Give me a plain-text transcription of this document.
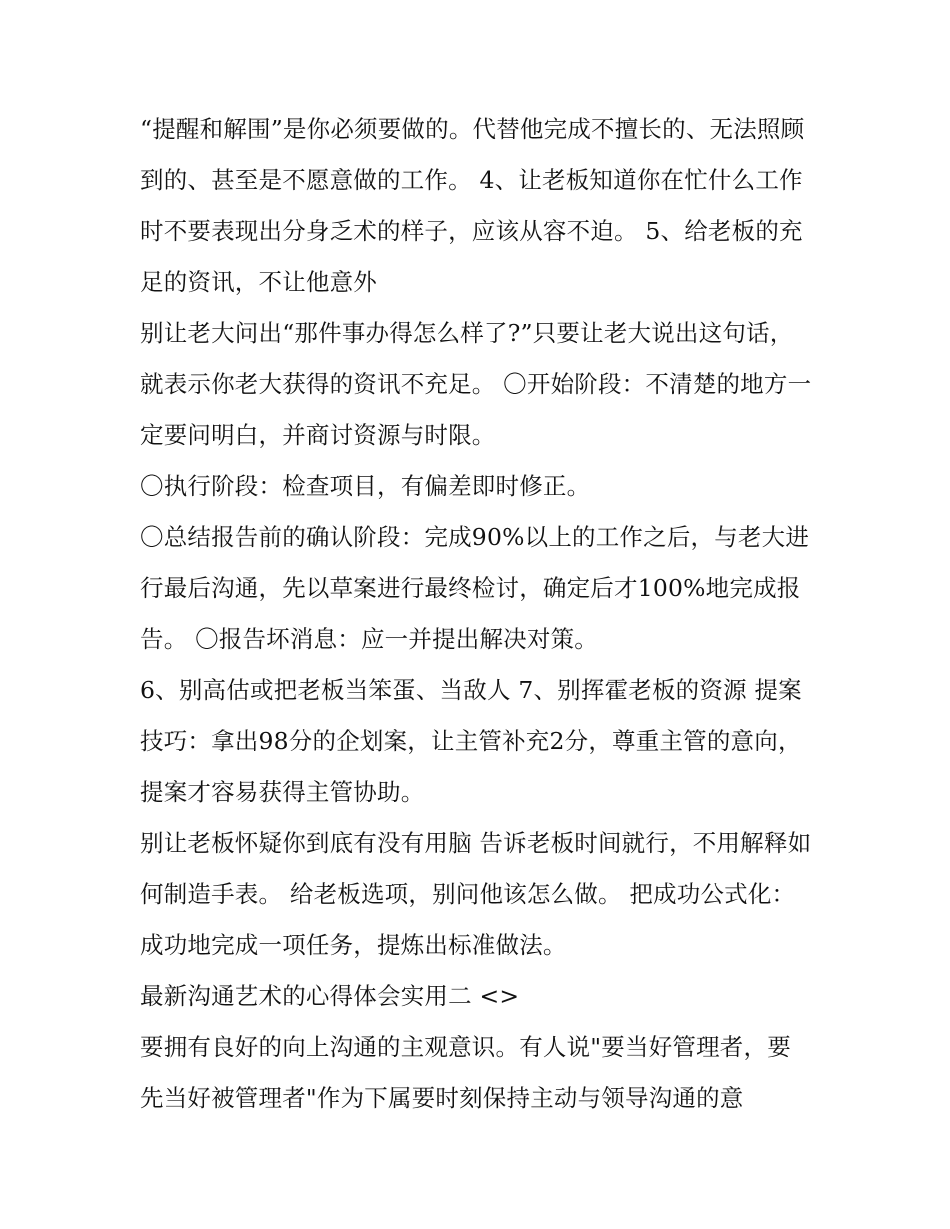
“提醒和解围”是你必须要做的。代替他完成不擅长的、无法照顾到的、甚至是不愿意做的工作。 4、让老板知道你在忙什么工作时不要表现出分身乏术的样子，应该从容不迫。 5、给老板的充足的资讯，不让他意外

别让老大问出“那件事办得怎么样了?”只要让老大说出这句话，就表示你老大获得的资讯不充足。 〇开始阶段：不清楚的地方一定要问明白，并商讨资源与时限。

〇执行阶段：检查项目，有偏差即时修正。

〇总结报告前的确认阶段：完成90%以上的工作之后，与老大进行最后沟通，先以草案进行最终检讨，确定后才100%地完成报告。 〇报告坏消息：应一并提出解决对策。

6、别高估或把老板当笨蛋、当敌人 7、别挥霍老板的资源 提案技巧：拿出98分的企划案，让主管补充2分，尊重主管的意向，提案才容易获得主管协助。

别让老板怀疑你到底有没有用脑 告诉老板时间就行，不用解释如何制造手表。 给老板选项，别问他该怎么做。 把成功公式化：成功地完成一项任务，提炼出标准做法。

最新沟通艺术的心得体会实用二 <>

要拥有良好的向上沟通的主观意识。有人说"要当好管理者，要先当好被管理者"作为下属要时刻保持主动与领导沟通的意
